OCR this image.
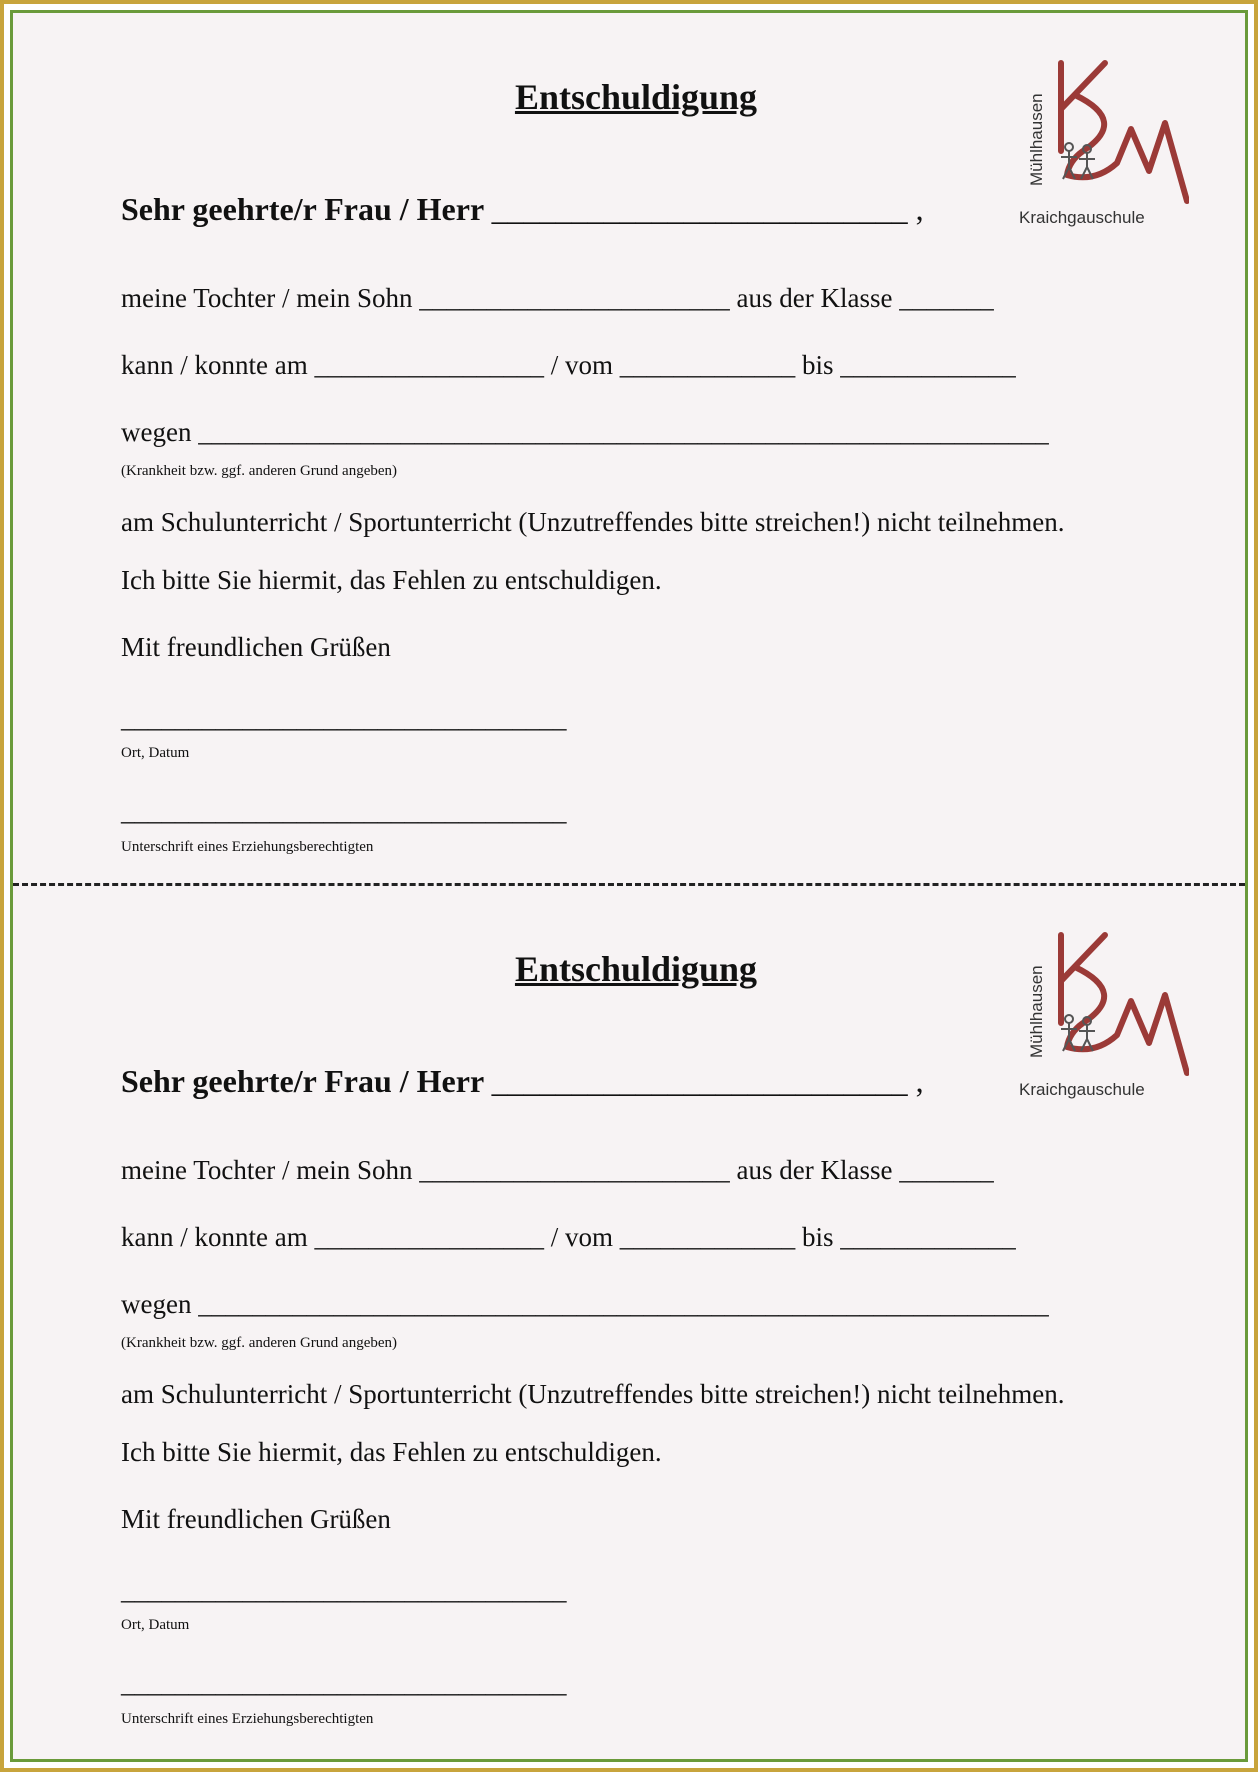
Entschuldigung
Sehr geehrte/r Frau / Herr __________________________ ,
meine Tochter / mein Sohn _______________________ aus der Klasse _______
kann / konnte am _________________ / vom _____________ bis _____________
wegen _______________________________________________________________
(Krankheit bzw. ggf. anderen Grund angeben)
am Schulunterricht / Sportunterricht (Unzutreffendes bitte streichen!) nicht teilnehmen.
Ich bitte Sie hiermit, das Fehlen zu entschuldigen.
Mit freundlichen Grüßen
_________________________________
Ort, Datum
_________________________________
Unterschrift eines Erziehungsberechtigten
Mühlhausen
Kraichgauschule
Entschuldigung
Sehr geehrte/r Frau / Herr __________________________ ,
meine Tochter / mein Sohn _______________________ aus der Klasse _______
kann / konnte am _________________ / vom _____________ bis _____________
wegen _______________________________________________________________
(Krankheit bzw. ggf. anderen Grund angeben)
am Schulunterricht / Sportunterricht (Unzutreffendes bitte streichen!) nicht teilnehmen.
Ich bitte Sie hiermit, das Fehlen zu entschuldigen.
Mit freundlichen Grüßen
_________________________________
Ort, Datum
_________________________________
Unterschrift eines Erziehungsberechtigten
Mühlhausen
Kraichgauschule
